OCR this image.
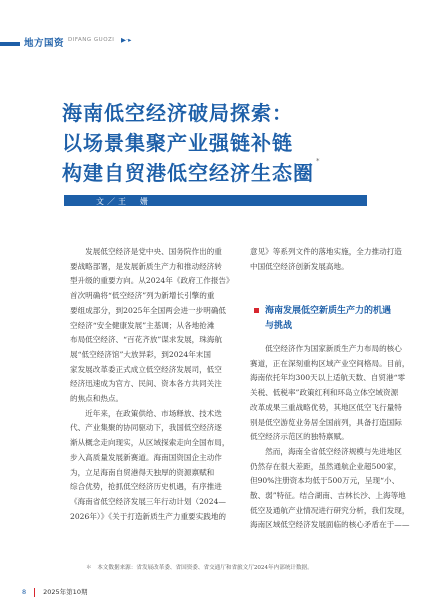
地方国资 DIFANG GUOZI ▶·▸
海南低空经济破局探索：
以场景集聚产业强链补链
构建自贸港低空经济生态圈 *
文／王　姗

　　发展低空经济是党中央、国务院作出的重

要战略部署，是发展新质生产力和推动经济转

型升级的重要方向。从2024年《政府工作报告》

首次明确将“低空经济”列为新增长引擎的重

要组成部分，到2025年全国两会进一步明确低

空经济“安全健康发展”主基调；从各地抢滩

布局低空经济、“百花齐放”谋求发展，珠海航

展“低空经济馆”大放异彩，到2024年末国

家发展改革委正式成立低空经济发展司，低空

经济迅速成为官方、民间、资本各方共同关注

的焦点和热点。

　　近年来，在政策供给、市场释放、技术迭

代、产业集聚的协同驱动下，我国低空经济逐

渐从概念走向现实，从区域探索走向全国布局，

步入高质量发展新赛道。海南国资国企主动作

为，立足海南自贸港得天独厚的资源禀赋和

综合优势，抢抓低空经济历史机遇，有序推进

《海南省低空经济发展三年行动计划（2024—

2026年）》《关于打造新质生产力重要实践地的

意见》等系列文件的落地实施，全力推动打造

中国低空经济创新发展高地。

海南发展低空新质生产力的机遇
与挑战

　　低空经济作为国家新质生产力布局的核心

赛道，正在深刻重构区域产业空间格局。目前，

海南依托年均300天以上适航天数、自贸港“零

关税、低税率”政策红利和环岛立体空域资源

改革成果三重战略优势，其地区低空飞行量特

别是低空游览业务居全国前列，具备打造国际

低空经济示范区的独特禀赋。

　　然而，海南全省低空经济规模与先进地区

仍然存在很大差距，虽然通航企业超500家，

但90%注册资本均低于500万元，呈现“小、

散、弱”特征。结合湖南、吉林长沙、上海等地

低空及通航产业情况进行研究分析，我们发现，

海南区域低空经济发展面临的核心矛盾在于——

＊　本文数据来源：省发展改革委、省国资委、省交通厅和省旅文厅2024年内部统计数据。
8	2025年第10期
